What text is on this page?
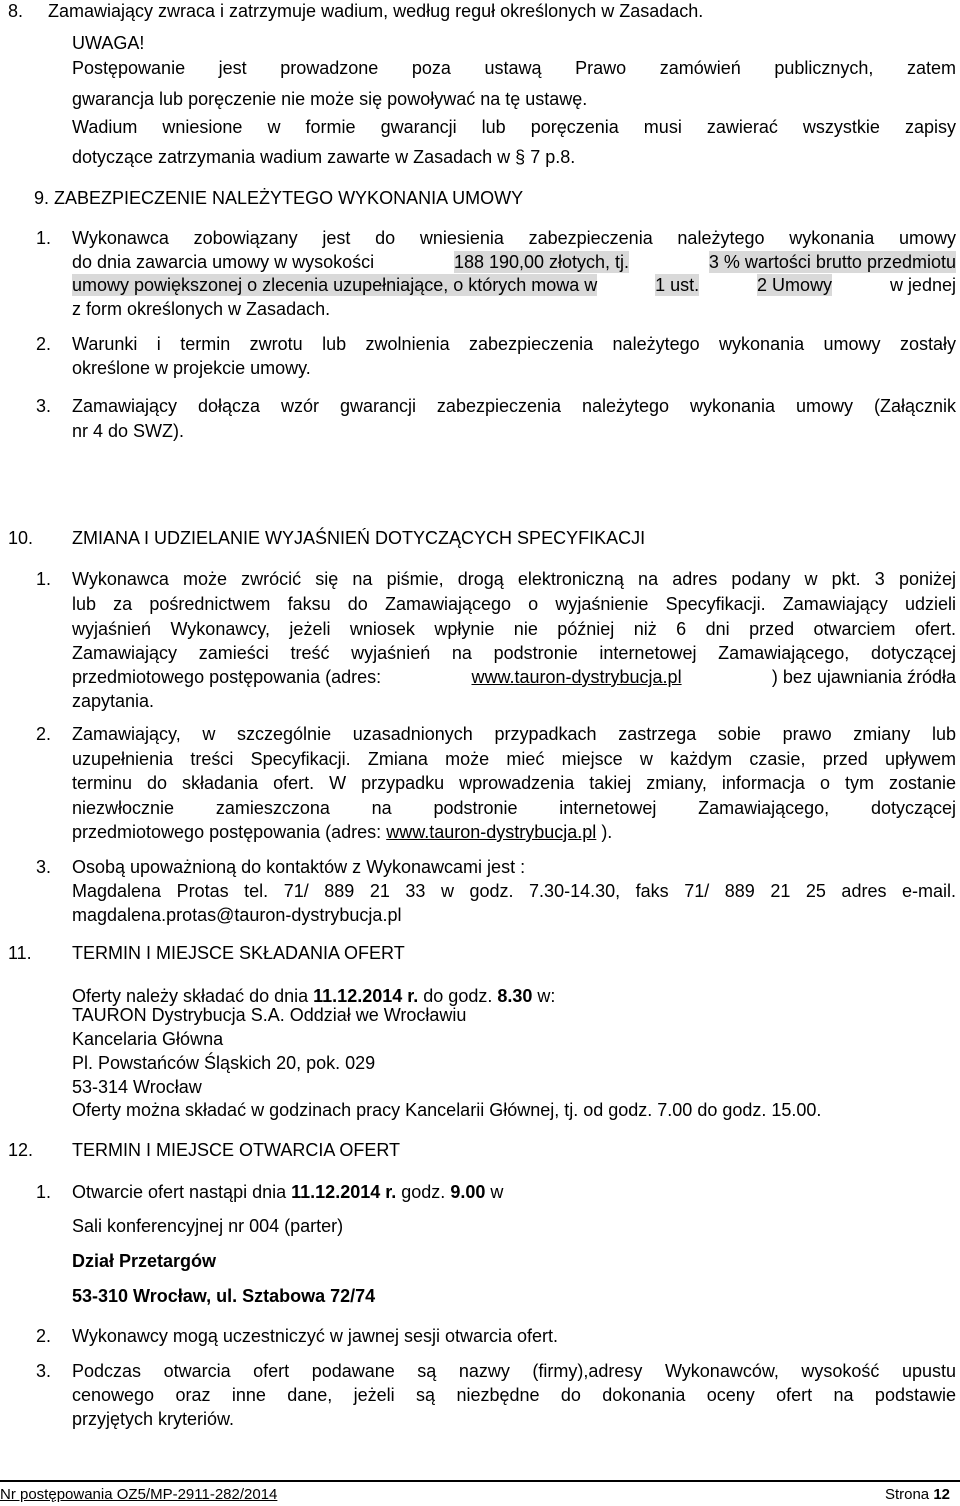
8. Zamawiający zwraca i zatrzymuje wadium, według reguł określonych w Zasadach.
UWAGA!
Postępowanie jest prowadzone poza ustawą Prawo zamówień publicznych, zatem
gwarancja lub poręczenie nie może się powoływać na tę ustawę.
Wadium wniesione w formie gwarancji lub poręczenia musi zawierać wszystkie zapisy
dotyczące zatrzymania wadium zawarte w Zasadach w § 7 p.8.
9. ZABEZPIECZENIE NALEŻYTEGO WYKONANIA UMOWY
1. Wykonawca zobowiązany jest do wniesienia zabezpieczenia należytego wykonania umowy
do dnia zawarcia umowy w wysokości	188 190,00 złotych, tj.	3 % wartości brutto przedmiotu
umowy powiększonej o zlecenia uzupełniające, o których mowa w	1 ust.	2 Umowy	w jednej
z form określonych w Zasadach.
2. Warunki i termin zwrotu lub zwolnienia zabezpieczenia należytego wykonania umowy zostały
określone w projekcie umowy.
3. Zamawiający dołącza wzór gwarancji zabezpieczenia należytego wykonania umowy (Załącznik
nr 4 do SWZ).
10. ZMIANA I UDZIELANIE WYJAŚNIEŃ DOTYCZĄCYCH SPECYFIKACJI
1. Wykonawca może zwrócić się na piśmie, drogą elektroniczną na adres podany w pkt. 3 poniżej
lub za pośrednictwem faksu do Zamawiającego o wyjaśnienie Specyfikacji. Zamawiający udzieli
wyjaśnień Wykonawcy, jeżeli wniosek wpłynie nie później niż 6 dni przed otwarciem ofert.
Zamawiający zamieści treść wyjaśnień na podstronie internetowej Zamawiającego, dotyczącej
przedmiotowego postępowania (adres:	www.tauron-dystrybucja.pl	) bez ujawniania źródła
zapytania.
2. Zamawiający, w szczególnie uzasadnionych przypadkach zastrzega sobie prawo zmiany lub
uzupełnienia treści Specyfikacji. Zmiana może mieć miejsce w każdym czasie, przed upływem
terminu do składania ofert. W przypadku wprowadzenia takiej zmiany, informacja o tym zostanie
niezwłocznie zamieszczona na podstronie internetowej Zamawiającego, dotyczącej
przedmiotowego postępowania (adres: www.tauron-dystrybucja.pl ).
3. Osobą upoważnioną do kontaktów z Wykonawcami jest :
Magdalena Protas tel. 71/ 889 21 33 w godz. 7.30-14.30, faks 71/ 889 21 25 adres e-mail.
magdalena.protas@tauron-dystrybucja.pl
11. TERMIN I MIEJSCE SKŁADANIA OFERT
Oferty należy składać do dnia 11.12.2014 r. do godz. 8.30 w:
TAURON Dystrybucja S.A. Oddział we Wrocławiu
Kancelaria Główna
Pl. Powstańców Śląskich 20, pok. 029
53-314 Wrocław
Oferty można składać w godzinach pracy Kancelarii Głównej, tj. od godz. 7.00 do godz. 15.00.
12. TERMIN I MIEJSCE OTWARCIA OFERT
1. Otwarcie ofert nastąpi dnia 11.12.2014 r. godz. 9.00 w
Sali konferencyjnej nr 004 (parter)
Dział Przetargów
53-310 Wrocław, ul. Sztabowa 72/74
2. Wykonawcy mogą uczestniczyć w jawnej sesji otwarcia ofert.
3. Podczas otwarcia ofert podawane są nazwy (firmy),adresy Wykonawców, wysokość upustu
cenowego oraz inne dane, jeżeli są niezbędne do dokonania oceny ofert na podstawie
przyjętych kryteriów.
Nr postępowania OZ5/MP-2911-282/2014	Strona 12
